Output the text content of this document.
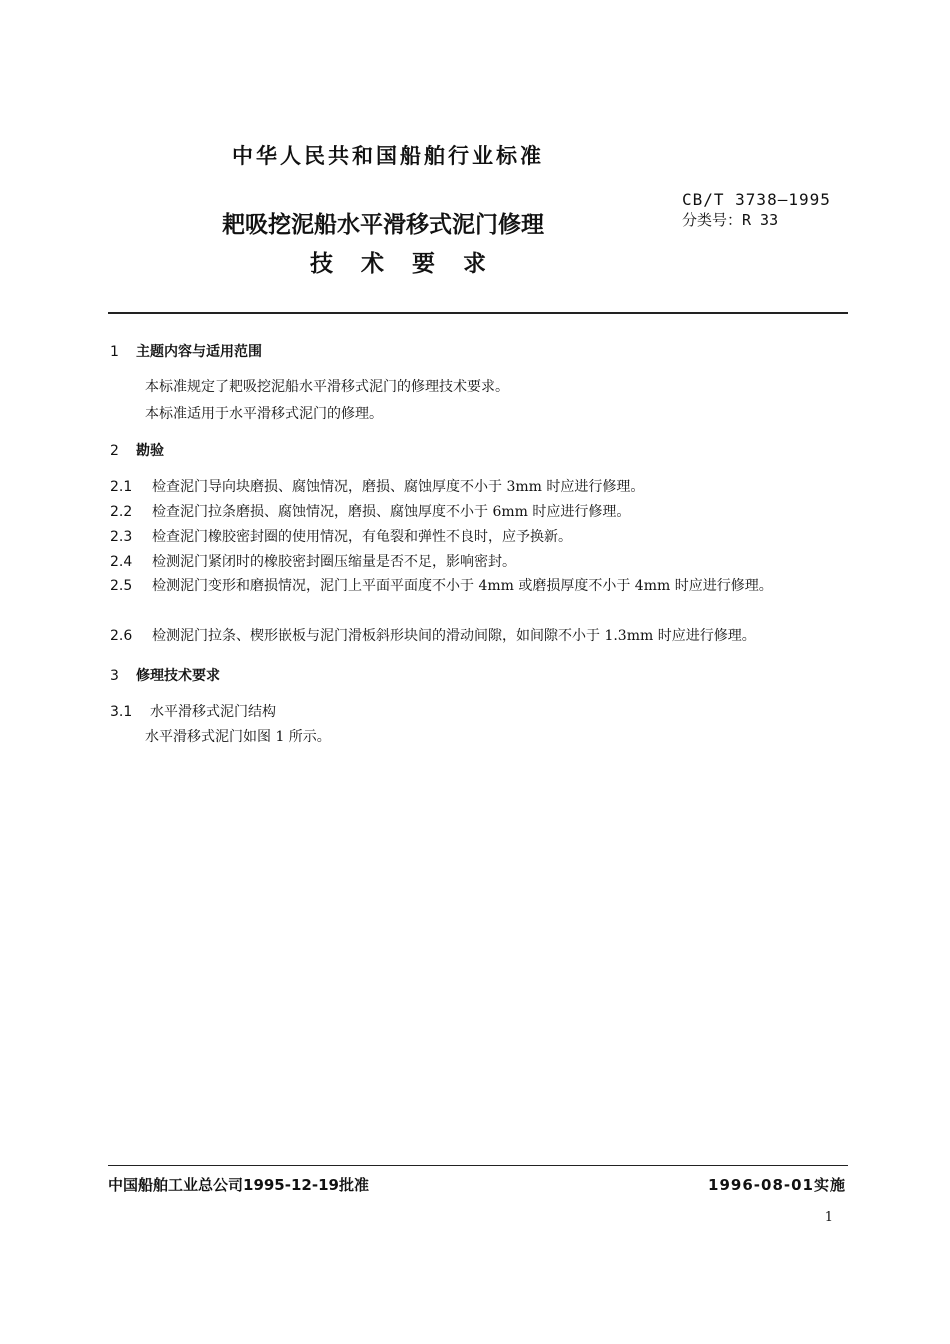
中华人民共和国船舶行业标准
CB/T 3738—1995
分类号：R 33
耙吸挖泥船水平滑移式泥门修理
技术要求
1 主题内容与适用范围
本标准规定了耙吸挖泥船水平滑移式泥门的修理技术要求。
本标准适用于水平滑移式泥门的修理。
2 勘验
2.1 检查泥门导向块磨损、腐蚀情况，磨损、腐蚀厚度不小于 3mm 时应进行修理。
2.2 检查泥门拉条磨损、腐蚀情况，磨损、腐蚀厚度不小于 6mm 时应进行修理。
2.3 检查泥门橡胶密封圈的使用情况，有龟裂和弹性不良时，应予换新。
2.4 检测泥门紧闭时的橡胶密封圈压缩量是否不足，影响密封。
2.5 检测泥门变形和磨损情况，泥门上平面平面度不小于 4mm 或磨损厚度不小于 4mm 时应进行修理。
2.6 检测泥门拉条、楔形嵌板与泥门滑板斜形块间的滑动间隙，如间隙不小于 1.3mm 时应进行修理。
3 修理技术要求
3.1 水平滑移式泥门结构
水平滑移式泥门如图 1 所示。
中国船舶工业总公司1995-12-19批准	1996-08-01实施
1
